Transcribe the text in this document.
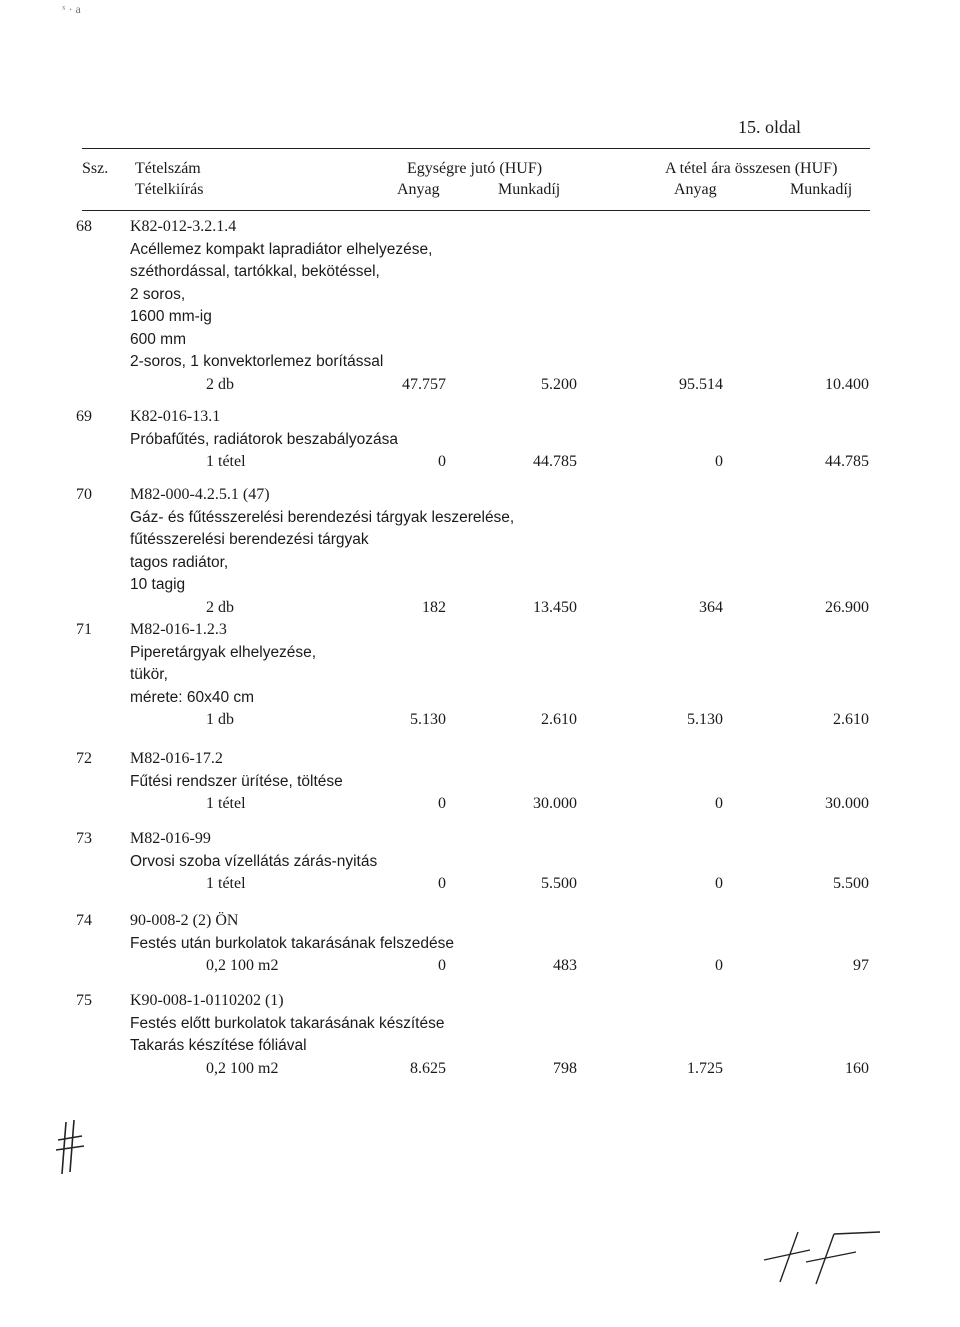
ˣ · a
15. oldal
Ssz. Tételszám
Tételkiírás
Egységre jutó (HUF)	A tétel ára összesen (HUF)
Anyag	Munkadíj	Anyag	Munkadíj
68 K82-012-3.2.1.4
Acéllemez kompakt lapradiátor elhelyezése,
széthordással, tartókkal, bekötéssel,
2 soros,
1600 mm-ig
600 mm
2-soros, 1 konvektorlemez borítással
2 db	47.757	5.200	95.514	10.400
69 K82-016-13.1
Próbafűtés, radiátorok beszabályozása
1 tétel	0	44.785	0	44.785
70 M82-000-4.2.5.1 (47)
Gáz- és fűtésszerelési berendezési tárgyak leszerelése,
fűtésszerelési berendezési tárgyak
tagos radiátor,
10 tagig
2 db	182	13.450	364	26.900
71 M82-016-1.2.3
Piperetárgyak elhelyezése,
tükör,
mérete: 60x40 cm
1 db	5.130	2.610	5.130	2.610
72 M82-016-17.2
Fűtési rendszer ürítése, töltése
1 tétel	0	30.000	0	30.000
73 M82-016-99
Orvosi szoba vízellátás zárás-nyitás
1 tétel	0	5.500	0	5.500
74 90-008-2 (2) ÖN
Festés után burkolatok takarásának felszedése
0,2 100 m2	0	483	0	97
75 K90-008-1-0110202 (1)
Festés előtt burkolatok takarásának készítése
Takarás készítése fóliával
0,2 100 m2	8.625	798	1.725	160
